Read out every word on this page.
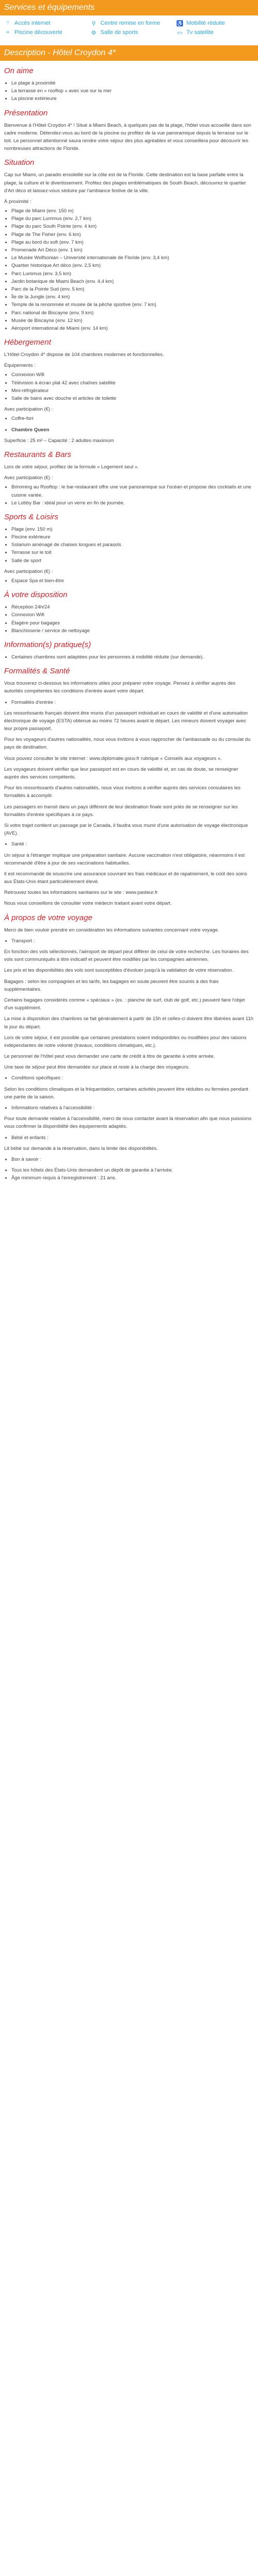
Services et équipements
⌔ Accès internet	⚲ Centre remise en forme	♿ Mobilité réduite
≈ Piscine découverte	⚙ Salle de sports	▭ Tv satellite
Description - Hôtel Croydon 4*
On aime
• Le plage à proximité
• La terrasse en « rooftop » avec vue sur la mer
• La piscine extérieure
Présentation

Bienvenue à l'Hôtel Croydon 4* ! Situé à Miami Beach, à quelques pas de la plage, l'hôtel vous accueille dans son cadre moderne. Détendez-vous au bord de la piscine ou profitez de la vue panoramique depuis la terrasse sur le toit. Le personnel attentionné saura rendre votre séjour des plus agréables et vous conseillera pour découvrir les nombreuses attractions de Floride.

Situation

Cap sur Miami, un paradis ensoleillé sur la côte est de la Floride. Cette destination est la base parfaite entre la plage, la culture et le divertissement. Profitez des plages emblématiques de South Beach, découvrez le quartier d'Art déco et laissez-vous séduire par l'ambiance festive de la ville.

À proximité :
• Plage de Miami (env. 150 m)
• Plage du parc Lummus (env. 2,7 km)
• Plage du parc South Pointe (env. 4 km)
• Plage de The Fisher (env. 6 km)
• Plage au bord du soft (env. 7 km)
• Promenade Art Déco (env. 1 km)
• Le Musée Wolfsonian – Université internationale de Floride (env. 3,4 km)
• Quartier historique Art déco (env. 2,5 km)
• Parc Lummus (env. 3,5 km)
• Jardin botanique de Miami Beach (env. 4,4 km)
• Parc de la Pointe Sud (env. 5 km)
• Île de la Jungle (env. 4 km)
• Temple de la renommée et musée de la pêche sportive (env. 7 km)
• Parc national de Biscayne (env. 9 km)
• Musée de Biscayne (env. 12 km)
• Aéroport international de Miami (env. 14 km)
Hébergement

L'Hôtel Croydon 4* dispose de 104 chambres modernes et fonctionnelles.

Équipements :
• Connexion Wifi
• Télévision à écran plat 42 avec chaînes satellite
• Mini-réfrigérateur
• Salle de bains avec douche et articles de toilette
Avec participation (€) :
• Coffre-fort
• Chambre Queen

Superficie : 25 m² – Capacité : 2 adultes maximum

Restaurants & Bars

Lors de votre séjour, profitez de la formule « Logement seul ».

Avec participation (€) :
• Brimming au Rooftop : le bar-restaurant offre une vue panoramique sur l'océan et propose des cocktails et une cuisine variée.
• Le Lobby Bar : idéal pour un verre en fin de journée.
Sports & Loisirs
• Plage (env. 150 m)
• Piscine extérieure
• Solarium aménagé de chaises longues et parasols
• Terrasse sur le toit
• Salle de sport
Avec participation (€) :
• Espace Spa et bien-être
À votre disposition
• Réception 24h/24
• Connexion Wifi
• Étagère pour bagages
• Blanchisserie / service de nettoyage
Information(s) pratique(s)
• Certaines chambres sont adaptées pour les personnes à mobilité réduite (sur demande).
Formalités & Santé

Vous trouverez ci-dessous les informations utiles pour préparer votre voyage. Pensez à vérifier auprès des autorités compétentes les conditions d'entrée avant votre départ.

• Formalités d'entrée :

Les ressortissants français doivent être munis d'un passeport individuel en cours de validité et d'une autorisation électronique de voyage (ESTA) obtenue au moins 72 heures avant le départ. Les mineurs doivent voyager avec leur propre passeport.

Pour les voyageurs d'autres nationalités, nous vous invitons à vous rapprocher de l'ambassade ou du consulat du pays de destination.

Vous pouvez consulter le site internet : www.diplomatie.gouv.fr rubrique « Conseils aux voyageurs ».

Les voyageurs doivent vérifier que leur passeport est en cours de validité et, en cas de doute, se renseigner auprès des services compétents.

Pour les ressortissants d'autres nationalités, nous vous invitons à vérifier auprès des services consulaires les formalités à accomplir.

Les passagers en transit dans un pays différent de leur destination finale sont priés de se renseigner sur les formalités d'entrée spécifiques à ce pays.

Si votre trajet contient un passage par le Canada, il faudra vous munir d'une autorisation de voyage électronique (AVE).

• Santé :

Un séjour à l'étranger implique une préparation sanitaire. Aucune vaccination n'est obligatoire, néanmoins il est recommandé d'être à jour de ses vaccinations habituelles.

Il est recommandé de souscrire une assurance couvrant les frais médicaux et de rapatriement, le coût des soins aux États-Unis étant particulièrement élevé.

Retrouvez toutes les informations sanitaires sur le site : www.pasteur.fr

Nous vous conseillons de consulter votre médecin traitant avant votre départ.

À propos de votre voyage

Merci de bien vouloir prendre en considération les informations suivantes concernant votre voyage.

• Transport :

En fonction des vols sélectionnés, l'aéroport de départ peut différer de celui de votre recherche. Les horaires des vols sont communiqués à titre indicatif et peuvent être modifiés par les compagnies aériennes.

Les prix et les disponibilités des vols sont susceptibles d'évoluer jusqu'à la validation de votre réservation.

Bagages : selon les compagnies et les tarifs, les bagages en soute peuvent être soumis à des frais supplémentaires.

Certains bagages considérés comme « spéciaux » (ex. : planche de surf, club de golf, etc.) peuvent faire l'objet d'un supplément.

La mise à disposition des chambres se fait généralement à partir de 15h et celles-ci doivent être libérées avant 11h le jour du départ.

Lors de votre séjour, il est possible que certaines prestations soient indisponibles ou modifiées pour des raisons indépendantes de notre volonté (travaux, conditions climatiques, etc.).

Le personnel de l'hôtel peut vous demander une carte de crédit à titre de garantie à votre arrivée.

Une taxe de séjour peut être demandée sur place et reste à la charge des voyageurs.

• Conditions spécifiques :

Selon les conditions climatiques et la fréquentation, certaines activités peuvent être réduites ou fermées pendant une partie de la saison.

• Informations relatives à l'accessibilité :

Pour toute demande relative à l'accessibilité, merci de nous contacter avant la réservation afin que nous puissions vous confirmer la disponibilité des équipements adaptés.

• Bébé et enfants :

Lit bébé sur demande à la réservation, dans la limite des disponibilités.

• Bon à savoir :
• Tous les hôtels des États-Unis demandent un dépôt de garantie à l'arrivée.
• Âge minimum requis à l'enregistrement : 21 ans.
